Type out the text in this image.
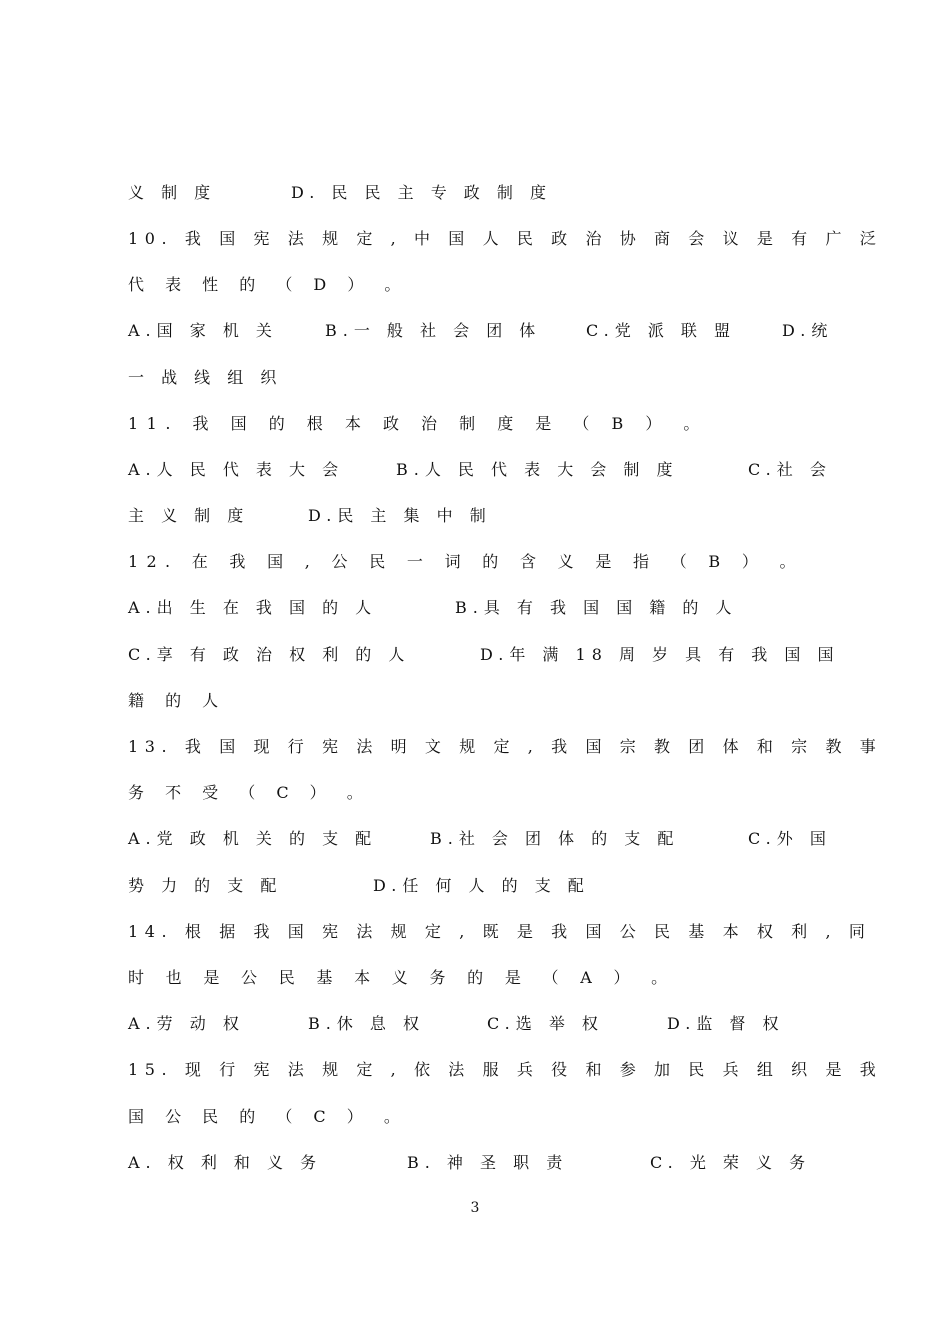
义 制 度	D. 民 民 主 专 政 制 度
10. 我 国 宪 法 规 定 , 中 国 人 民 政 治 协 商 会 议 是 有 广 泛
代 表 性 的 （ D ） 。
A.国 家 机 关	B.一 般 社 会 团 体	C.党 派 联 盟	D.统
一 战 线 组 织
11. 我 国 的 根 本 政 治 制 度 是 （ B ） 。
A.人 民 代 表 大 会	B.人 民 代 表 大 会 制 度	C.社 会
主 义 制 度	D.民 主 集 中 制
12. 在 我 国 , 公 民 一 词 的 含 义 是 指 （ B ） 。
A.出 生 在 我 国 的 人	B.具 有 我 国 国 籍 的 人
C.享 有 政 治 权 利 的 人	D.年 满 18 周 岁 具 有 我 国 国
籍 的 人
13. 我 国 现 行 宪 法 明 文 规 定 , 我 国 宗 教 团 体 和 宗 教 事
务 不 受 （ C ） 。
A.党 政 机 关 的 支 配	B.社 会 团 体 的 支 配	C.外 国
势 力 的 支 配	D.任 何 人 的 支 配
14. 根 据 我 国 宪 法 规 定 , 既 是 我 国 公 民 基 本 权 利 , 同
时 也 是 公 民 基 本 义 务 的 是 （ A ） 。
A.劳 动 权	B.休 息 权	C.选 举 权	D.监 督 权
15. 现 行 宪 法 规 定 , 依 法 服 兵 役 和 参 加 民 兵 组 织 是 我
国 公 民 的 （ C ） 。
A. 权 利 和 义 务	B. 神 圣 职 责	C. 光 荣 义 务
3
